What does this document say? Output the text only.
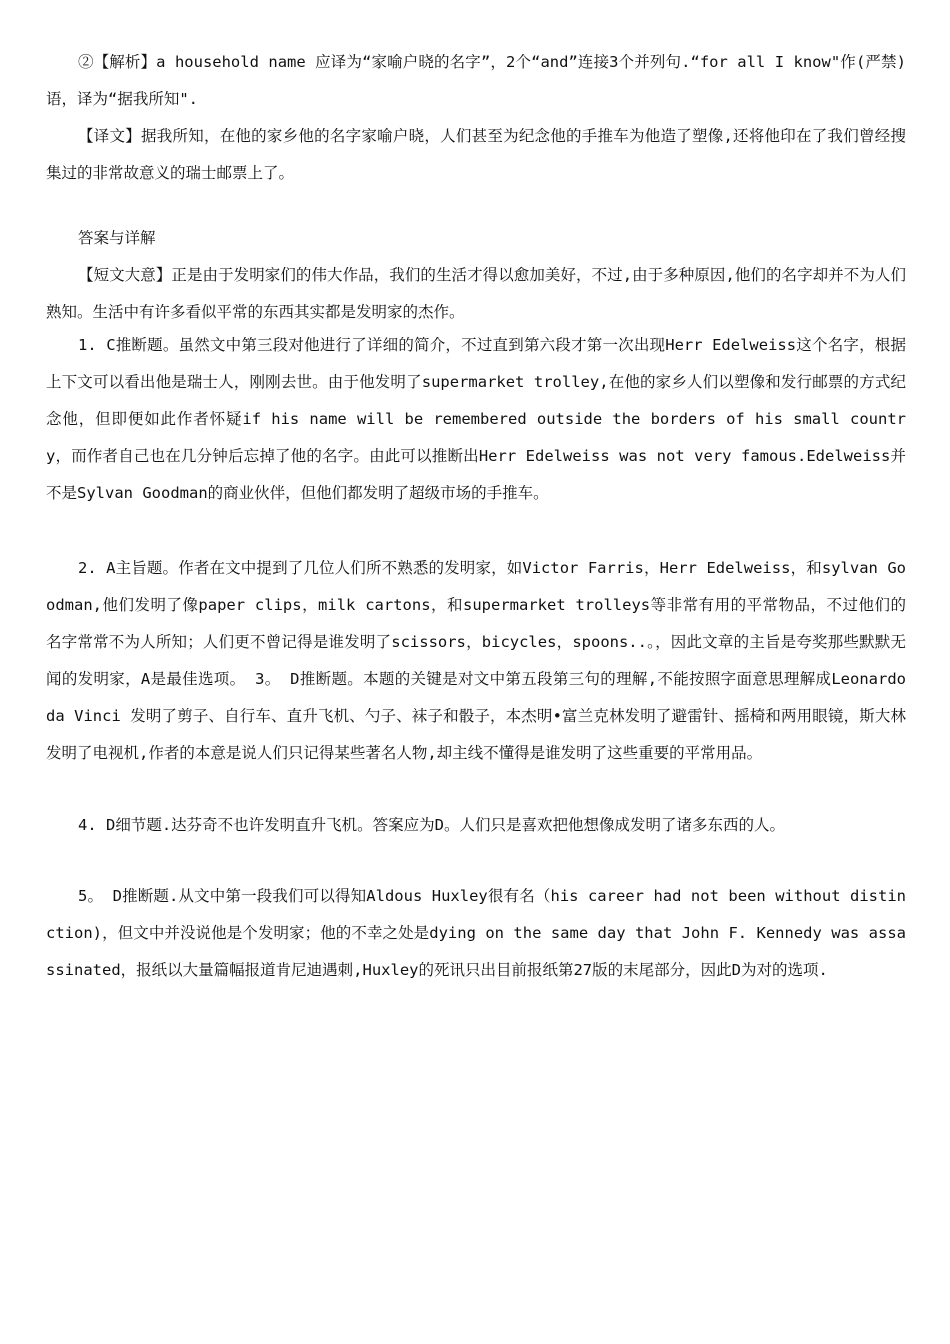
②【解析】a household name 应译为“家喻户晓的名字”，2个“and”连接3个并列句.“for all I know"作(严禁)语，译为“据我所知".

【译文】据我所知，在他的家乡他的名字家喻户晓，人们甚至为纪念他的手推车为他造了塑像,还将他印在了我们曾经搜集过的非常故意义的瑞士邮票上了。

答案与详解

【短文大意】正是由于发明家们的伟大作品，我们的生活才得以愈加美好，不过,由于多种原因,他们的名字却并不为人们熟知。生活中有许多看似平常的东西其实都是发明家的杰作。

1. C推断题。虽然文中第三段对他进行了详细的简介，不过直到第六段才第一次出现Herr Edelweiss这个名字，根据上下文可以看出他是瑞士人，刚刚去世。由于他发明了supermarket trolley,在他的家乡人们以塑像和发行邮票的方式纪念他，但即便如此作者怀疑if his name will be remembered outside the borders of his small country，而作者自己也在几分钟后忘掉了他的名字。由此可以推断出Herr Edelweiss was not very famous.Edelweiss并不是Sylvan Goodman的商业伙伴，但他们都发明了超级市场的手推车。

2. A主旨题。作者在文中提到了几位人们所不熟悉的发明家，如Victor Farris，Herr Edelweiss，和sylvan Goodman,他们发明了像paper clips，milk cartons，和supermarket trolleys等非常有用的平常物品，不过他们的名字常常不为人所知；人们更不曾记得是谁发明了scissors，bicycles，spoons..。，因此文章的主旨是夸奖那些默默无闻的发明家，A是最佳选项。 3。 D推断题。本题的关键是对文中第五段第三句的理解,不能按照字面意思理解成Leonardo da Vinci 发明了剪子、自行车、直升飞机、勺子、袜子和骰子，本杰明•富兰克林发明了避雷针、摇椅和两用眼镜，斯大林发明了电视机,作者的本意是说人们只记得某些著名人物,却主线不懂得是谁发明了这些重要的平常用品。

4. D细节题.达芬奇不也许发明直升飞机。答案应为D。人们只是喜欢把他想像成发明了诸多东西的人。

5。 D推断题.从文中第一段我们可以得知Aldous Huxley很有名（his career had not been without distinction)，但文中并没说他是个发明家；他的不幸之处是dying on the same day that John F. Kennedy was assassinated，报纸以大量篇幅报道肯尼迪遇刺,Huxley的死讯只出目前报纸第27版的末尾部分，因此D为对的选项.
